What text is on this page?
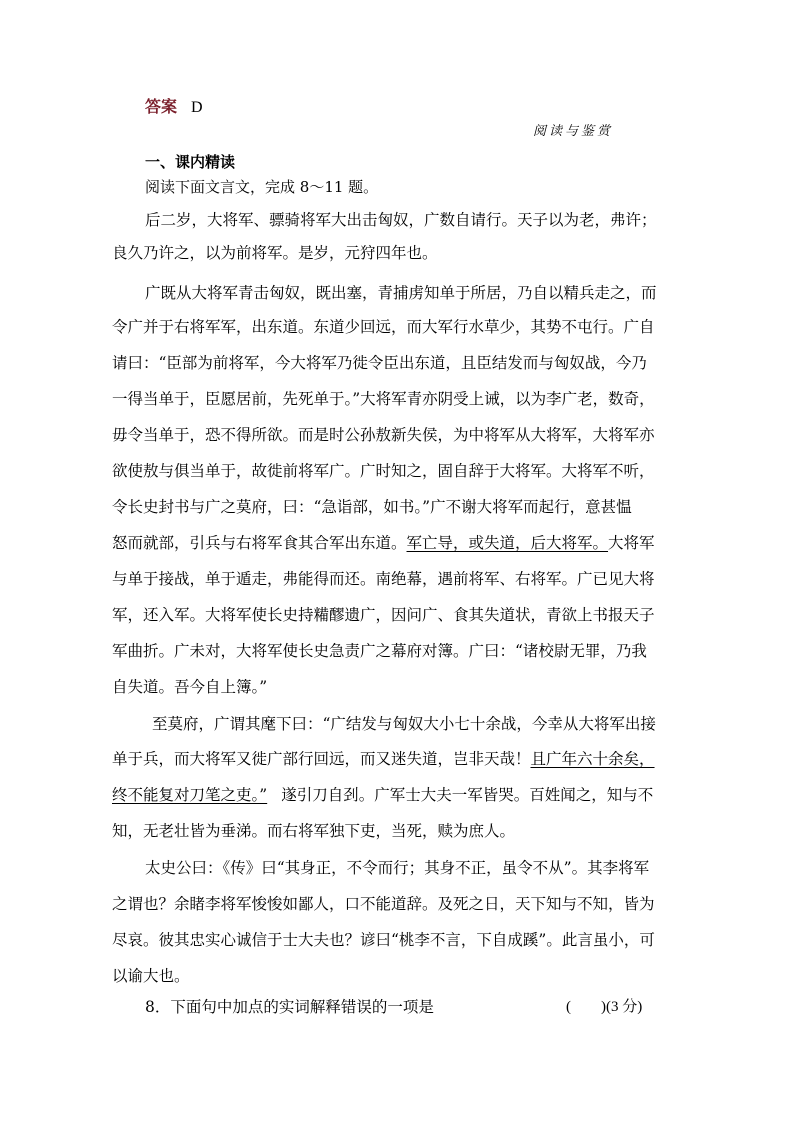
答案 D
阅读与鉴赏
一、课内精读
阅读下面文言文，完成 8～11 题。
后二岁，大将军、骠骑将军大出击匈奴，广数自请行。天子以为老，弗许；
良久乃许之，以为前将军。是岁，元狩四年也。
广既从大将军青击匈奴，既出塞，青捕虏知单于所居，乃自以精兵走之，而
令广并于右将军军，出东道。东道少回远，而大军行水草少，其势不屯行。广自
请曰：“臣部为前将军，今大将军乃徙令臣出东道，且臣结发而与匈奴战，今乃
一得当单于，臣愿居前，先死单于。”大将军青亦阴受上诫，以为李广老，数奇，
毋令当单于，恐不得所欲。而是时公孙敖新失侯，为中将军从大将军，大将军亦
欲使敖与俱当单于，故徙前将军广。广时知之，固自辞于大将军。大将军不听，
令长史封书与广之莫府，曰：“急诣部，如书。”广不谢大将军而起行，意甚愠
怒而就部，引兵与右将军食其合军出东道。军亡导，或失道，后大将军。大将军
与单于接战，单于遁走，弗能得而还。南绝幕，遇前将军、右将军。广已见大将
军，还入军。大将军使长史持糒醪遗广，因问广、食其失道状，青欲上书报天子
军曲折。广未对，大将军使长史急责广之幕府对簿。广曰：“诸校尉无罪，乃我
自失道。吾今自上簿。”
至莫府，广谓其麾下曰：“广结发与匈奴大小七十余战，今幸从大将军出接
单于兵，而大将军又徙广部行回远，而又迷失道，岂非天哉！且广年六十余矣，
终不能复对刀笔之吏。” 遂引刀自刭。广军士大夫一军皆哭。百姓闻之，知与不
知，无老壮皆为垂涕。而右将军独下吏，当死，赎为庶人。
太史公曰：《传》曰“其身正，不令而行；其身不正，虽令不从”。其李将军
之谓也？余睹李将军悛悛如鄙人，口不能道辞。及死之日，天下知与不知，皆为
尽哀。彼其忠实心诚信于士大夫也？谚曰“桃李不言，下自成蹊”。此言虽小，可
以谕大也。
8．下面句中加点的实词解释错误的一项是	(　　)(3 分)
